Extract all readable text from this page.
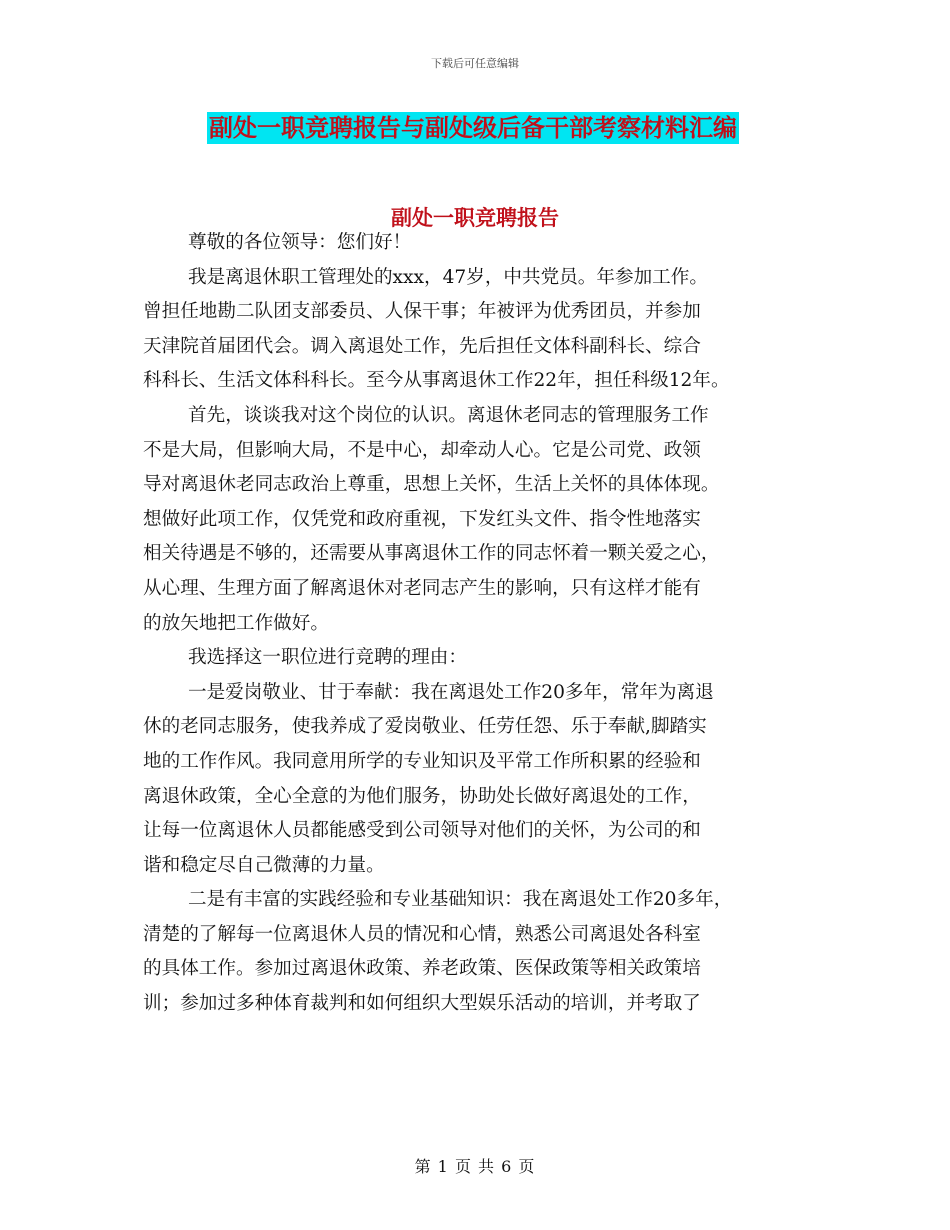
下载后可任意编辑
副处一职竞聘报告与副处级后备干部考察材料汇编
副处一职竞聘报告
尊敬的各位领导：您们好！
我是离退休职工管理处的xxx，47岁，中共党员。年参加工作。
曾担任地勘二队团支部委员、人保干事；年被评为优秀团员，并参加
天津院首届团代会。调入离退处工作，先后担任文体科副科长、综合
科科长、生活文体科科长。至今从事离退休工作22年，担任科级12年。
首先，谈谈我对这个岗位的认识。离退休老同志的管理服务工作
不是大局，但影响大局，不是中心，却牵动人心。它是公司党、政领
导对离退休老同志政治上尊重，思想上关怀，生活上关怀的具体体现。
想做好此项工作，仅凭党和政府重视，下发红头文件、指令性地落实
相关待遇是不够的，还需要从事离退休工作的同志怀着一颗关爱之心，
从心理、生理方面了解离退休对老同志产生的影响，只有这样才能有
的放矢地把工作做好。
我选择这一职位进行竞聘的理由：
一是爱岗敬业、甘于奉献：我在离退处工作20多年，常年为离退
休的老同志服务，使我养成了爱岗敬业、任劳任怨、乐于奉献,脚踏实
地的工作作风。我同意用所学的专业知识及平常工作所积累的经验和
离退休政策，全心全意的为他们服务，协助处长做好离退处的工作，
让每一位离退休人员都能感受到公司领导对他们的关怀，为公司的和
谐和稳定尽自己微薄的力量。
二是有丰富的实践经验和专业基础知识：我在离退处工作20多年，
清楚的了解每一位离退休人员的情况和心情，熟悉公司离退处各科室
的具体工作。参加过离退休政策、养老政策、医保政策等相关政策培
训；参加过多种体育裁判和如何组织大型娱乐活动的培训，并考取了
第 1 页 共 6 页
